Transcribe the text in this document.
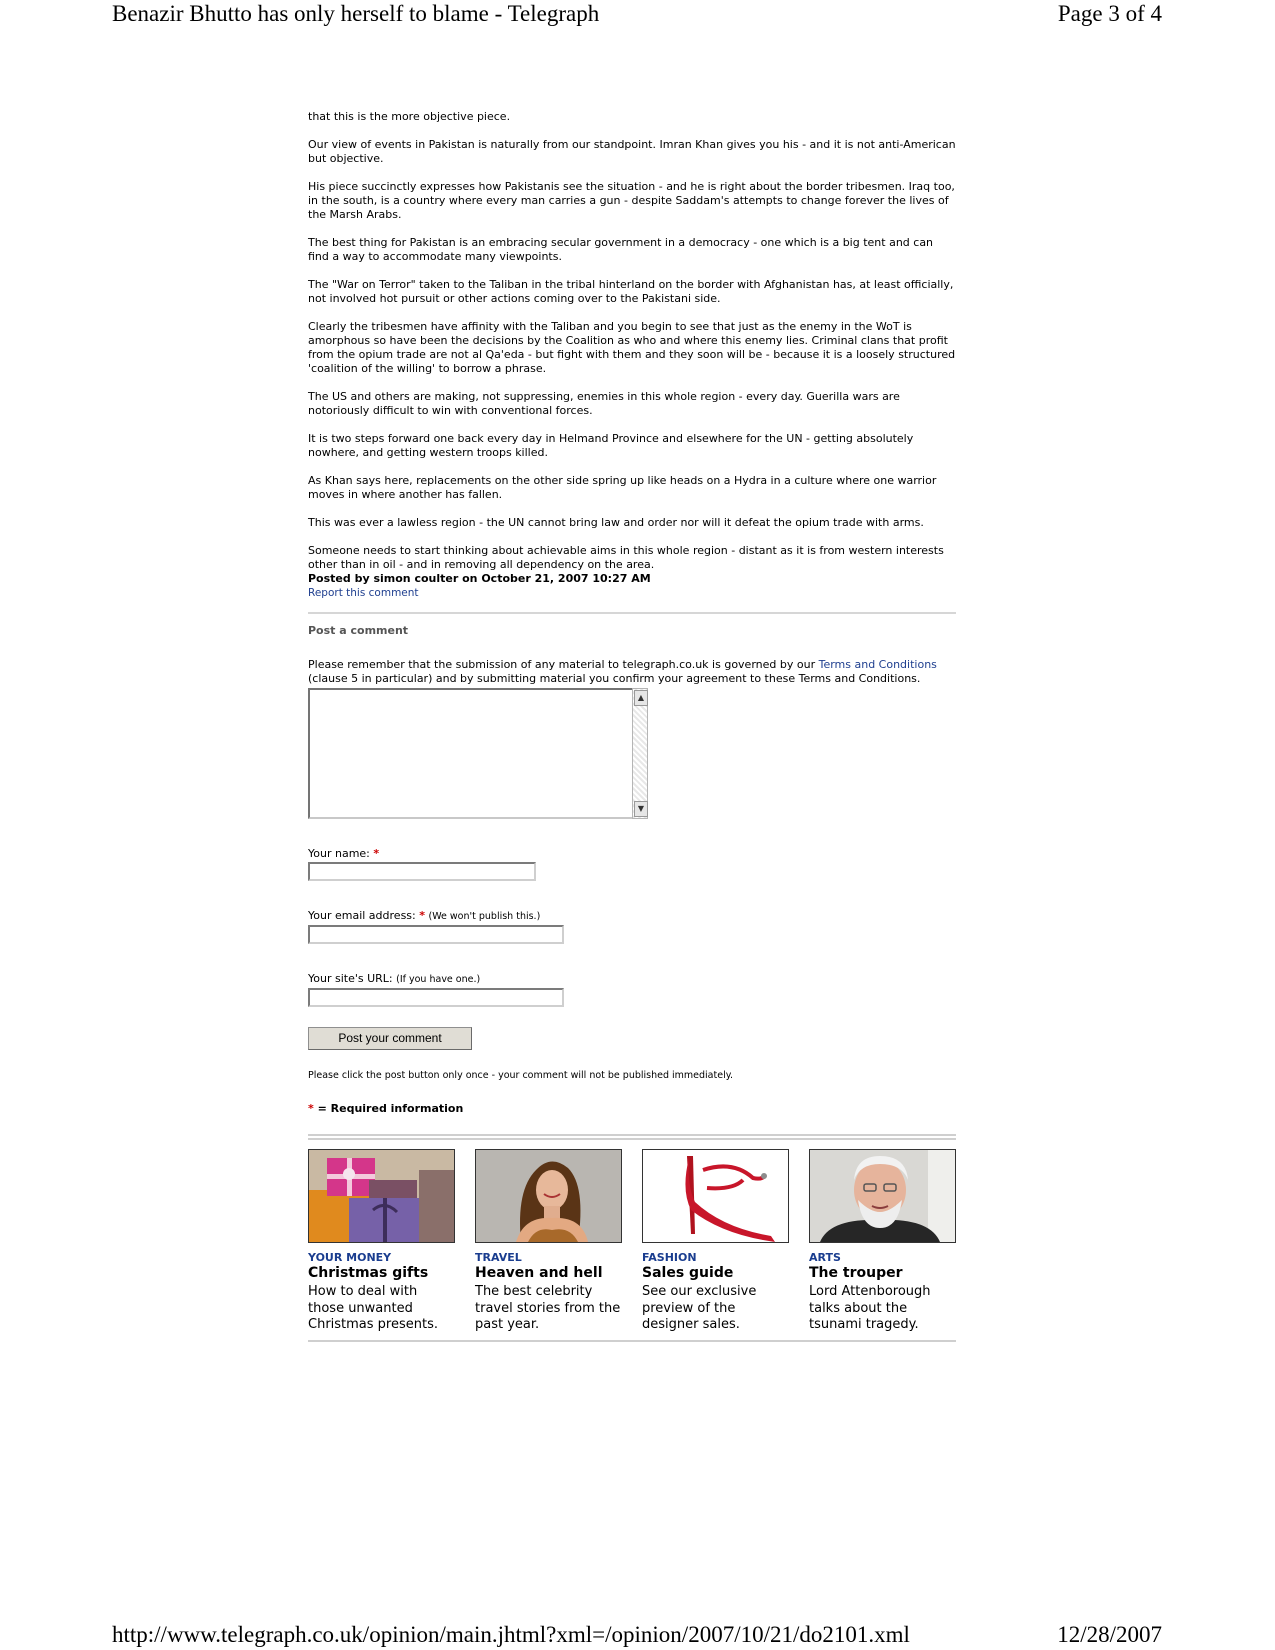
Benazir Bhutto has only herself to blame - Telegraph	Page 3 of 4

that this is the more objective piece.

Our view of events in Pakistan is naturally from our standpoint. Imran Khan gives you his - and it is not anti-American but objective.

His piece succinctly expresses how Pakistanis see the situation - and he is right about the border tribesmen. Iraq too, in the south, is a country where every man carries a gun - despite Saddam's attempts to change forever the lives of the Marsh Arabs.

The best thing for Pakistan is an embracing secular government in a democracy - one which is a big tent and can find a way to accommodate many viewpoints.

The "War on Terror" taken to the Taliban in the tribal hinterland on the border with Afghanistan has, at least officially, not involved hot pursuit or other actions coming over to the Pakistani side.

Clearly the tribesmen have affinity with the Taliban and you begin to see that just as the enemy in the WoT is amorphous so have been the decisions by the Coalition as who and where this enemy lies. Criminal clans that profit from the opium trade are not al Qa'eda - but fight with them and they soon will be - because it is a loosely structured 'coalition of the willing' to borrow a phrase.

The US and others are making, not suppressing, enemies in this whole region - every day. Guerilla wars are notoriously difficult to win with conventional forces.

It is two steps forward one back every day in Helmand Province and elsewhere for the UN - getting absolutely nowhere, and getting western troops killed.

As Khan says here, replacements on the other side spring up like heads on a Hydra in a culture where one warrior moves in where another has fallen.

This was ever a lawless region - the UN cannot bring law and order nor will it defeat the opium trade with arms.

Someone needs to start thinking about achievable aims in this whole region - distant as it is from western interests other than in oil - and in removing all dependency on the area.

Posted by simon coulter on October 21, 2007 10:27 AM
Report this comment
Post a comment

Please remember that the submission of any material to telegraph.co.uk is governed by our Terms and Conditions (clause 5 in particular) and by submitting material you confirm your agreement to these Terms and Conditions.

▲
▼
Your name: *
Your email address: * (We won't publish this.)
Your site's URL: (If you have one.)
Post your comment
Please click the post button only once - your comment will not be published immediately.
* = Required information
YOUR MONEY
Christmas gifts
How to deal with those unwanted Christmas presents.
TRAVEL
Heaven and hell
The best celebrity travel stories from the past year.
FASHION
Sales guide
See our exclusive preview of the designer sales.
ARTS
The trouper
Lord Attenborough talks about the tsunami tragedy.
http://www.telegraph.co.uk/opinion/main.jhtml?xml=/opinion/2007/10/21/do2101.xml	12/28/2007
